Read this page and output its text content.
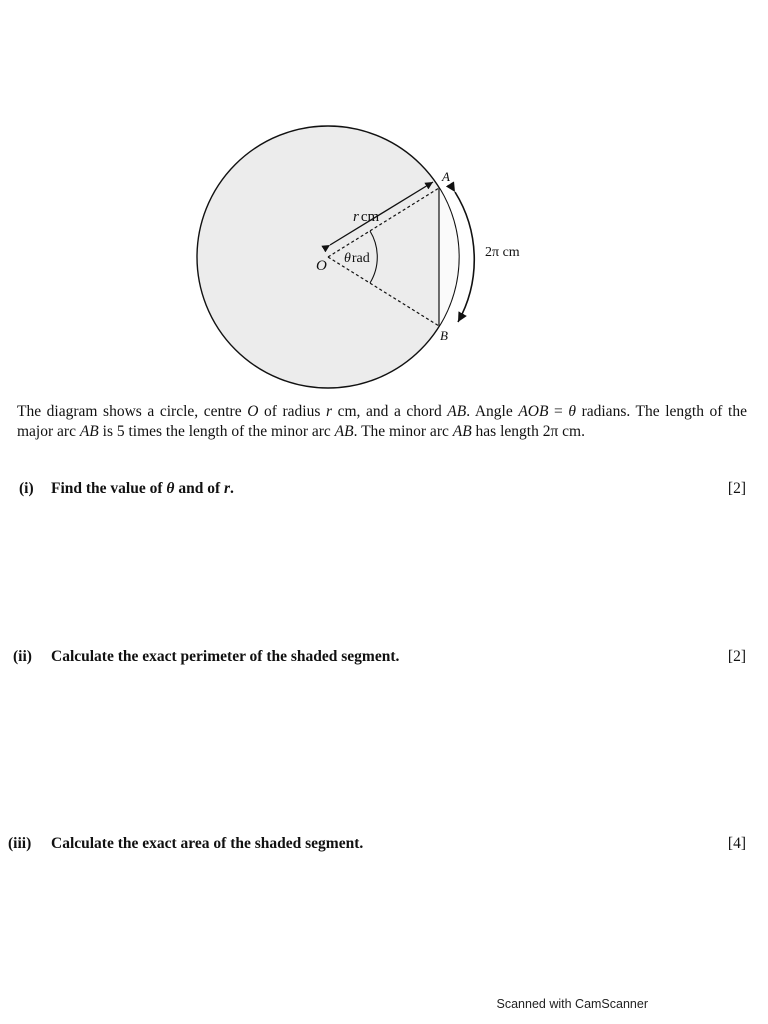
r cm
θrad
O
A
B
2π cm

The diagram shows a circle, centre O of radius r cm, and a chord AB. Angle AOB = θ radians. The length of the major arc AB is 5 times the length of the minor arc AB. The minor arc AB has length 2π cm.

(i) Find the value of θ and of r.	[2]
(ii) Calculate the exact perimeter of the shaded segment.	[2]
(iii) Calculate the exact area of the shaded segment.	[4]
Scanned with CamScanner
